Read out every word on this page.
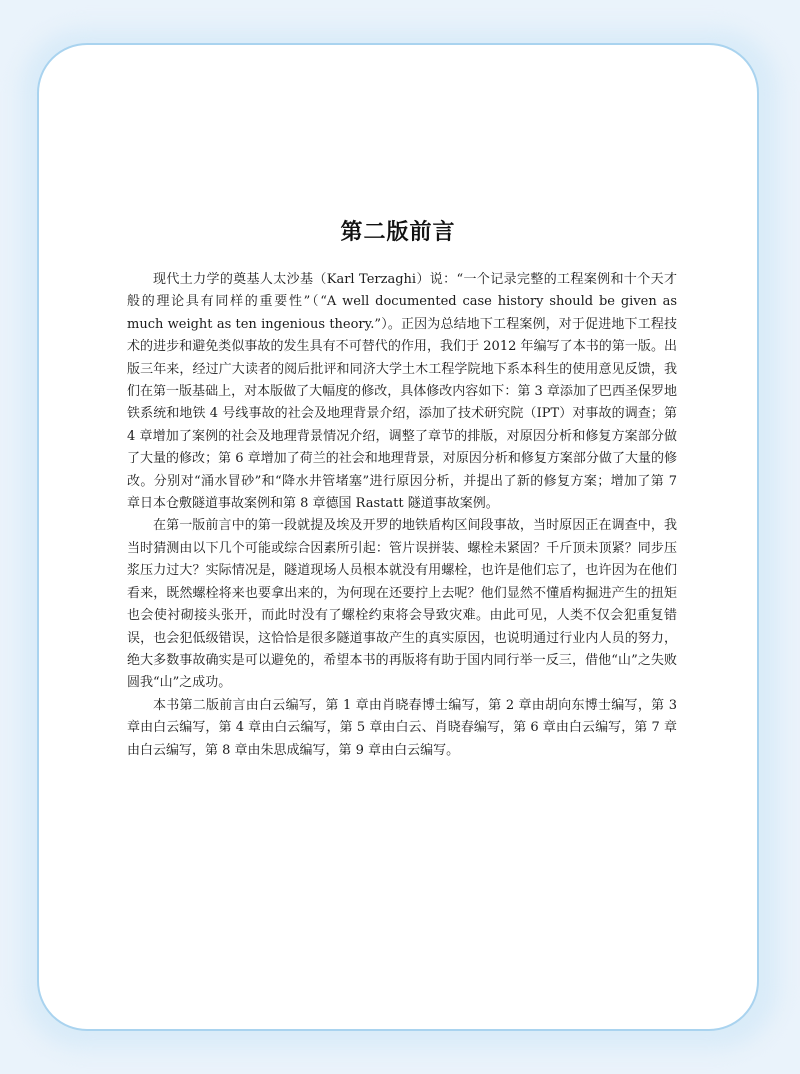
第二版前言

现代土力学的奠基人太沙基（Karl Terzaghi）说：“一个记录完整的工程案例和十个天才般的理论具有同样的重要性”（“A well documented case history should be given as much weight as ten ingenious theory.”）。正因为总结地下工程案例，对于促进地下工程技术的进步和避免类似事故的发生具有不可替代的作用，我们于 2012 年编写了本书的第一版。出版三年来，经过广大读者的阅后批评和同济大学土木工程学院地下系本科生的使用意见反馈，我们在第一版基础上，对本版做了大幅度的修改，具体修改内容如下：第 3 章添加了巴西圣保罗地铁系统和地铁 4 号线事故的社会及地理背景介绍，添加了技术研究院（IPT）对事故的调查；第 4 章增加了案例的社会及地理背景情况介绍，调整了章节的排版，对原因分析和修复方案部分做了大量的修改；第 6 章增加了荷兰的社会和地理背景，对原因分析和修复方案部分做了大量的修改。分别对“涌水冒砂”和“降水井管堵塞”进行原因分析，并提出了新的修复方案；增加了第 7 章日本仓敷隧道事故案例和第 8 章德国 Rastatt 隧道事故案例。

在第一版前言中的第一段就提及埃及开罗的地铁盾构区间段事故，当时原因正在调查中，我当时猜测由以下几个可能或综合因素所引起：管片误拼装、螺栓未紧固？千斤顶未顶紧？同步压浆压力过大？实际情况是，隧道现场人员根本就没有用螺栓，也许是他们忘了，也许因为在他们看来，既然螺栓将来也要拿出来的，为何现在还要拧上去呢？他们显然不懂盾构掘进产生的扭矩也会使衬砌接头张开，而此时没有了螺栓约束将会导致灾难。由此可见，人类不仅会犯重复错误，也会犯低级错误，这恰恰是很多隧道事故产生的真实原因，也说明通过行业内人员的努力，绝大多数事故确实是可以避免的，希望本书的再版将有助于国内同行举一反三，借他“山”之失败圆我“山”之成功。

本书第二版前言由白云编写，第 1 章由肖晓春博士编写，第 2 章由胡向东博士编写，第 3 章由白云编写，第 4 章由白云编写，第 5 章由白云、肖晓春编写，第 6 章由白云编写，第 7 章由白云编写，第 8 章由朱思成编写，第 9 章由白云编写。
